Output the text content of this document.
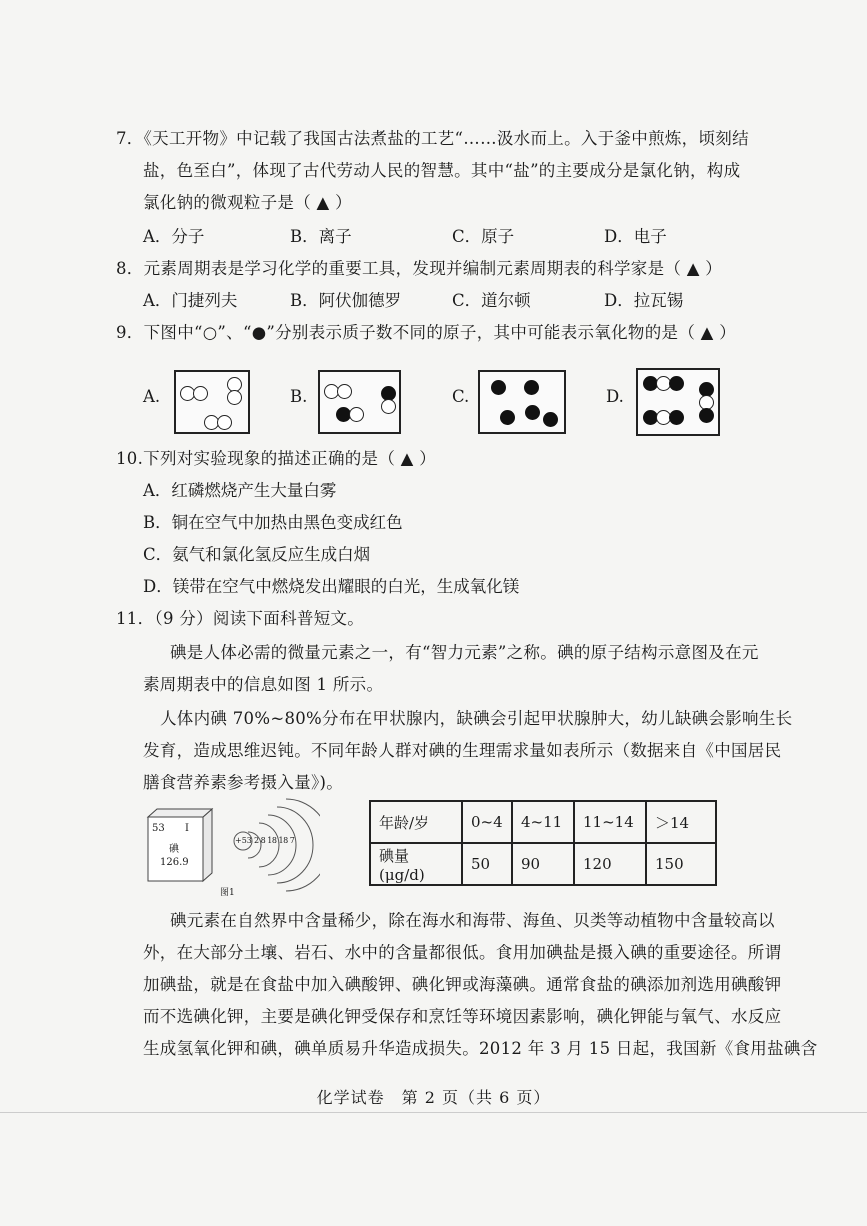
7．《天工开物》中记载了我国古法煮盐的工艺“……汲水而上。入于釜中煎炼，顷刻结
盐，色至白”，体现了古代劳动人民的智慧。其中“盐”的主要成分是氯化钠，构成
氯化钠的微观粒子是（ ▲ ）
A．分子	B．离子	C．原子	D．电子
8．元素周期表是学习化学的重要工具，发现并编制元素周期表的科学家是（ ▲ ）
A．门捷列夫	B．阿伏伽德罗	C．道尔顿	D．拉瓦锡
9．下图中“○”、“●”分别表示质子数不同的原子，其中可能表示氧化物的是（ ▲ ）
A.	B.	C.	D.
10.下列对实验现象的描述正确的是（ ▲ ）
A．红磷燃烧产生大量白雾
B．铜在空气中加热由黑色变成红色
C．氨气和氯化氢反应生成白烟
D．镁带在空气中燃烧发出耀眼的白光，生成氧化镁
11．（9 分）阅读下面科普短文。
碘是人体必需的微量元素之一，有“智力元素”之称。碘的原子结构示意图及在元
素周期表中的信息如图 1 所示。
人体内碘 70%~80%分布在甲状腺内，缺碘会引起甲状腺肿大，幼儿缺碘会影响生长
发育，造成思维迟钝。不同年龄人群对碘的生理需求量如表所示（数据来自《中国居民
膳食营养素参考摄入量》)。
53 I
碘
126.9
+53 2 8 18 18 7
图1
年龄/岁	0~4	4~11	11~14	＞14
碘量(μg/d)	50	90	120	150
碘元素在自然界中含量稀少，除在海水和海带、海鱼、贝类等动植物中含量较高以
外，在大部分土壤、岩石、水中的含量都很低。食用加碘盐是摄入碘的重要途径。所谓
加碘盐，就是在食盐中加入碘酸钾、碘化钾或海藻碘。通常食盐的碘添加剂选用碘酸钾
而不选碘化钾，主要是碘化钾受保存和烹饪等环境因素影响，碘化钾能与氧气、水反应
生成氢氧化钾和碘，碘单质易升华造成损失。2012 年 3 月 15 日起，我国新《食用盐碘含
化学试卷　第 2 页（共 6 页）
